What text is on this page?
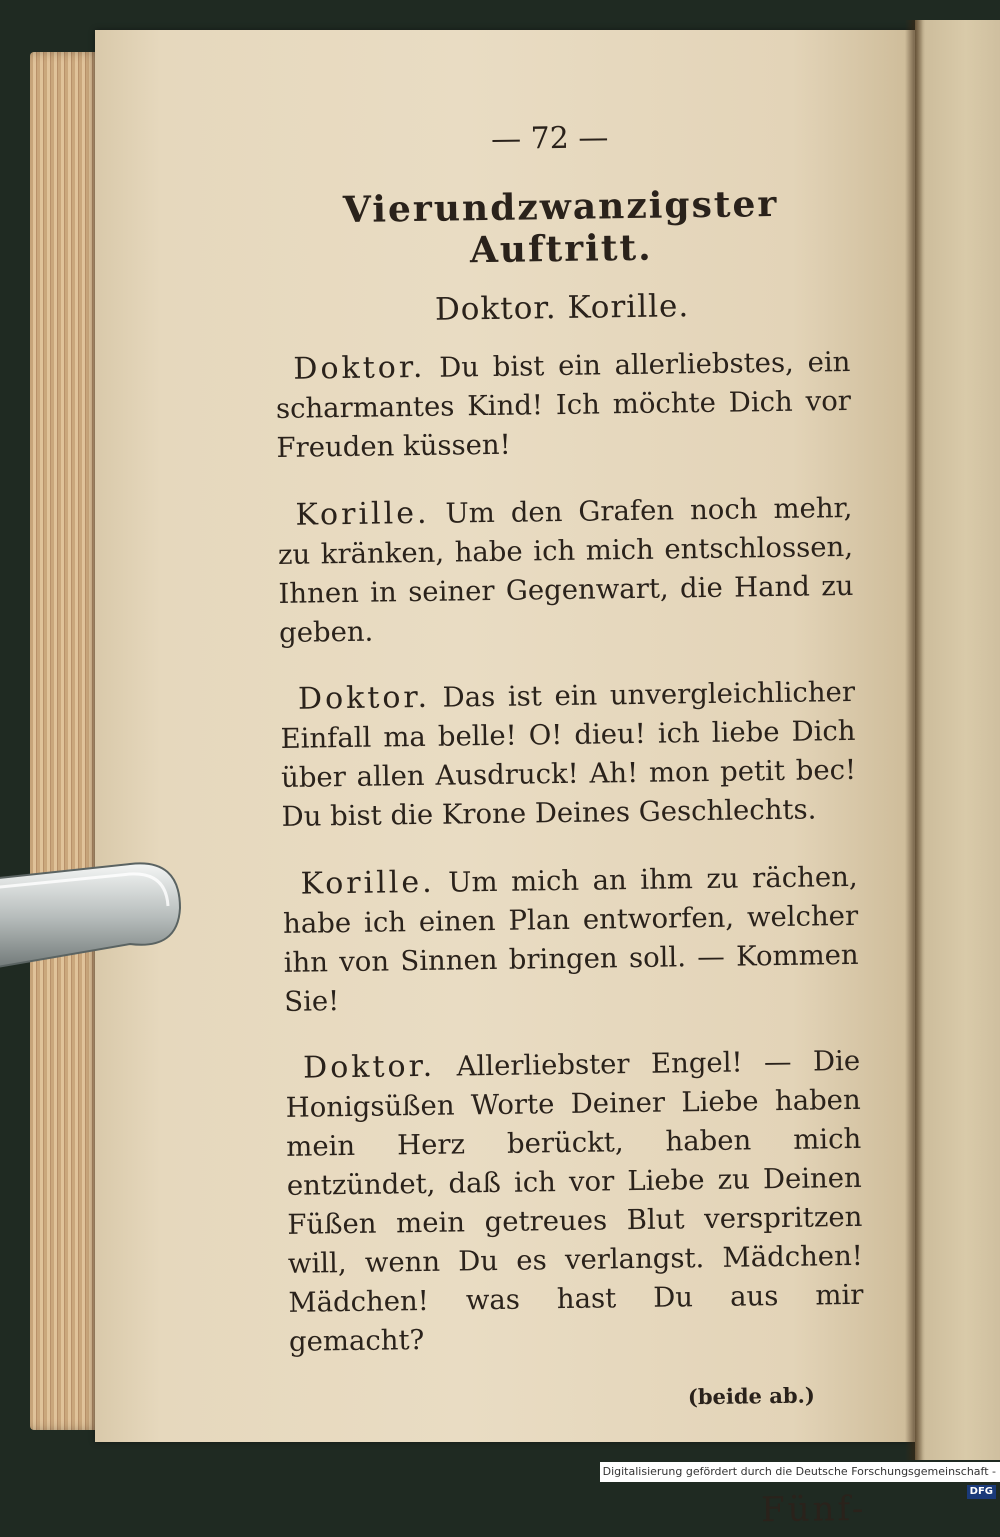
— 72 —
Vierundzwanzigster Auftritt.
Doktor. Korille.

Doktor. Du bist ein allerliebstes, ein scharmantes Kind! Ich möchte Dich vor Freuden küssen!

Korille. Um den Grafen noch mehr, zu kränken, habe ich mich entschlossen, Ihnen in seiner Gegenwart, die Hand zu geben.

Doktor. Das ist ein unvergleichlicher Einfall ma belle! O! dieu! ich liebe Dich über allen Ausdruck! Ah! mon petit bec! Du bist die Krone Deines Geschlechts.

Korille. Um mich an ihm zu rächen, habe ich einen Plan entworfen, welcher ihn von Sinnen bringen soll. — Kommen Sie!

Doktor. Allerliebster Engel! — Die Honigsüßen Worte Deiner Liebe haben mein Herz berückt, haben mich entzündet, daß ich vor Liebe zu Deinen Füßen mein getreues Blut verspritzen will, wenn Du es verlangst. Mädchen! Mädchen! was hast Du aus mir gemacht?

(beide ab.)
Fünf-
Digitalisierung gefördert durch die Deutsche Forschungsgemeinschaft - DFG
